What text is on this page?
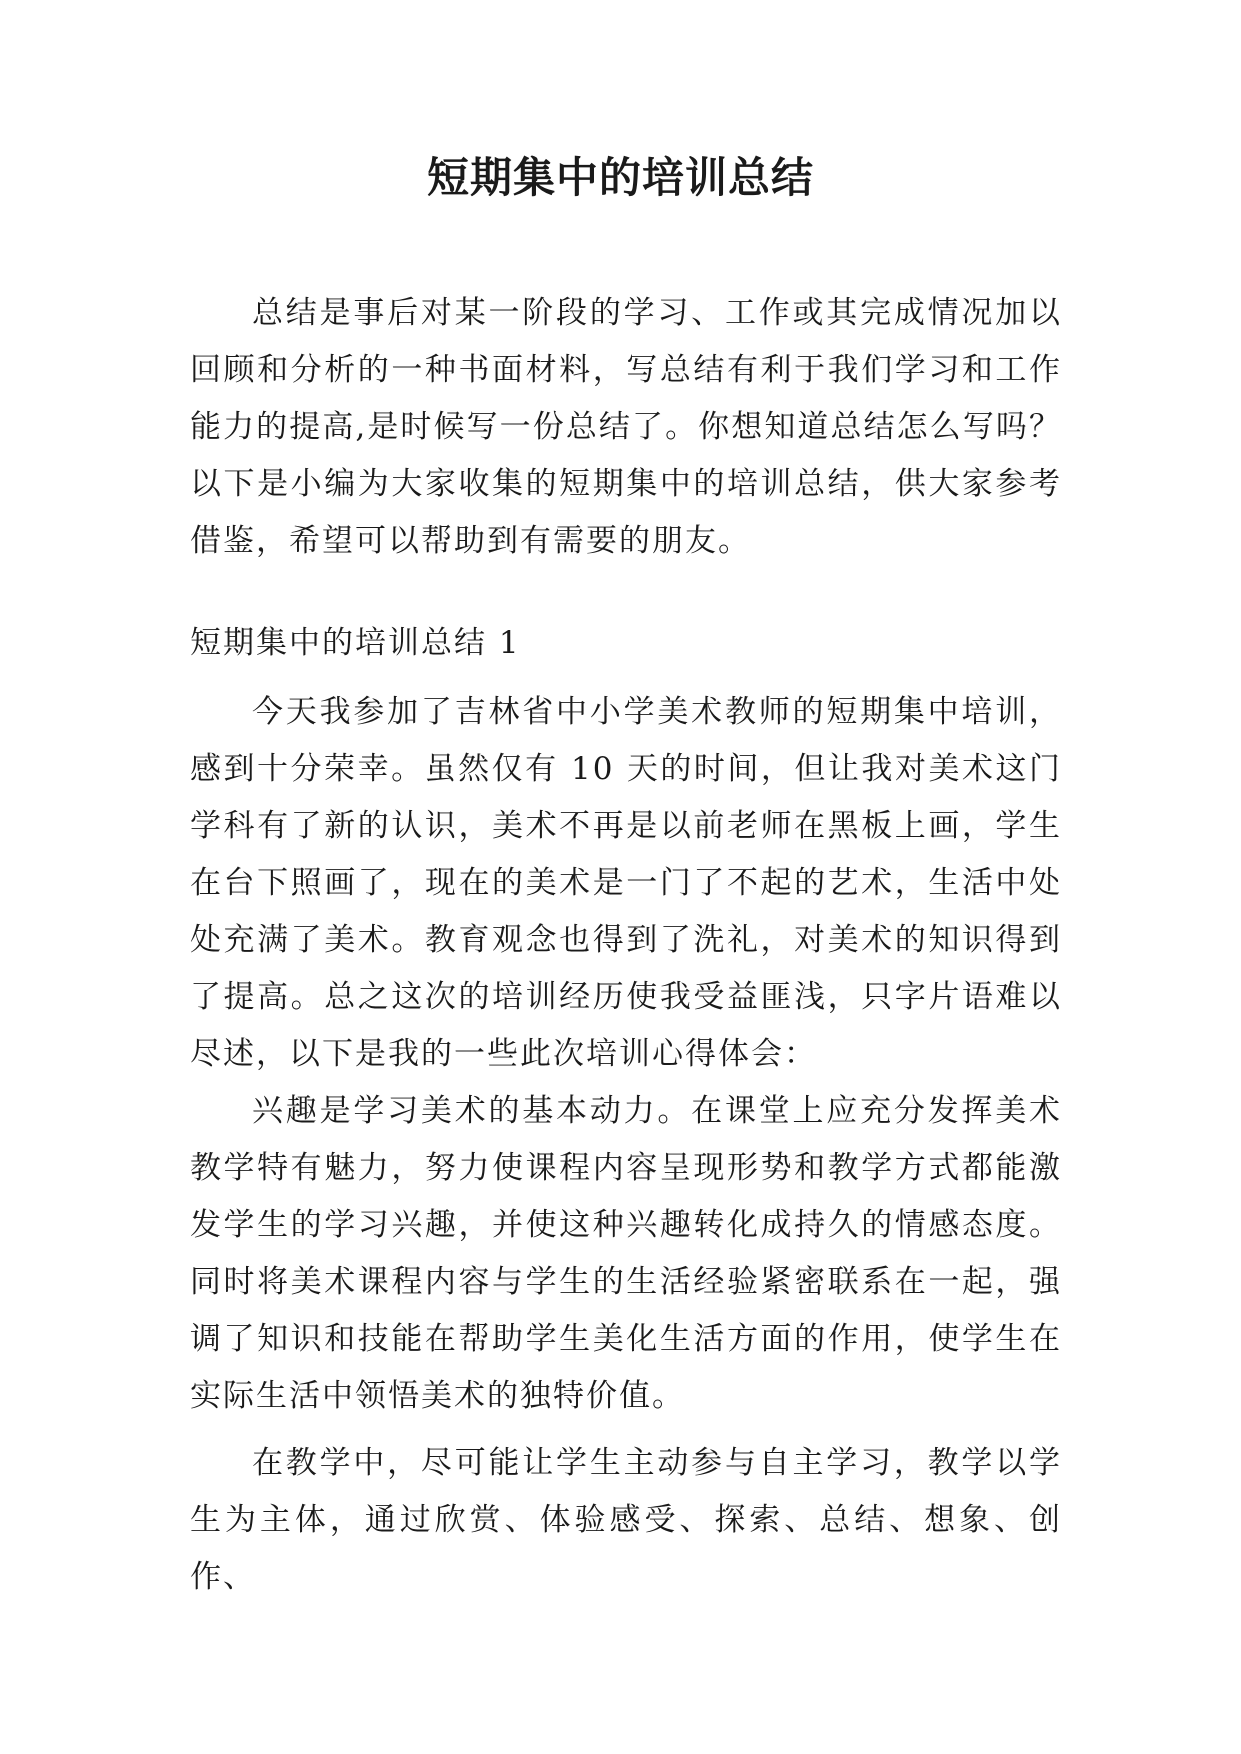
短期集中的培训总结

总结是事后对某一阶段的学习、工作或其完成情况加以回顾和分析的一种书面材料，写总结有利于我们学习和工作能力的提高,是时候写一份总结了。你想知道总结怎么写吗？以下是小编为大家收集的短期集中的培训总结，供大家参考借鉴，希望可以帮助到有需要的朋友。

短期集中的培训总结 1

今天我参加了吉林省中小学美术教师的短期集中培训，感到十分荣幸。虽然仅有 10 天的时间，但让我对美术这门学科有了新的认识，美术不再是以前老师在黑板上画，学生在台下照画了，现在的美术是一门了不起的艺术，生活中处处充满了美术。教育观念也得到了洗礼，对美术的知识得到了提高。总之这次的培训经历使我受益匪浅，只字片语难以尽述，以下是我的一些此次培训心得体会：

兴趣是学习美术的基本动力。在课堂上应充分发挥美术教学特有魅力，努力使课程内容呈现形势和教学方式都能激发学生的学习兴趣，并使这种兴趣转化成持久的情感态度。同时将美术课程内容与学生的生活经验紧密联系在一起，强调了知识和技能在帮助学生美化生活方面的作用，使学生在实际生活中领悟美术的独特价值。

在教学中，尽可能让学生主动参与自主学习，教学以学生为主体，通过欣赏、体验感受、探索、总结、想象、创作、
